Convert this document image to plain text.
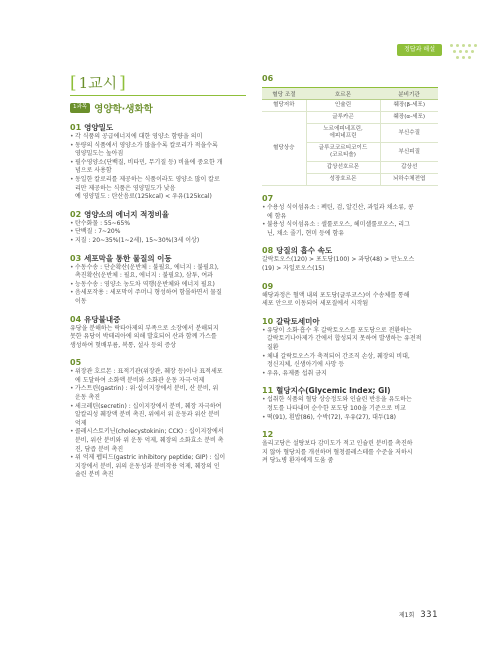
정답과 해설
[ 1교시 ]
1과목 영양학·생화학
01 영양밀도
• 각 식품의 공급에너지에 대한 영양소 함량을 의미
• 동량의 식품에서 영양소가 많을수록 칼로리가 적을수록
영양밀도는 높아짐
• 필수영양소(단백질, 비타민, 무기질 등) 비율에 중요한 개
념으로 사용함
• 동일한 칼로리를 제공하는 식품이라도 영양소 많이 칼로
리만 제공하는 식품은 영양밀도가 낮음
예 영양밀도 : 탄산음료(125kcal) < 우유(125kcal)
02 영양소의 에너지 적정비율
• 탄수화물 : 55~65%
• 단백질 : 7~20%
• 지질 : 20~35%(1~2세), 15~30%(3세 이상)
03 세포막을 통한 물질의 이동
• 수동수송 : 단순확산(운반체 : 불필요, 에너지 : 불필요),
촉진확산(운반체 : 필요, 에너지 : 불필요), 삼투, 여과
• 능동수송 : 영양소 농도차 역행(운반체와 에너지 필요)
• 음세포작용 : 세포막이 주머니 형성하여 함몰하면서 물질
이동
04 유당불내증
유당을 분해하는 락타아제의 부족으로 소장에서 분해되지
못한 유당이 박테리아에 의해 발효되어 산과 함께 가스를
생성하여 헛배부름, 복통, 설사 등의 증상
05
• 위장관 호르몬 : 표적기관(위장관, 췌장 등)이나 표적세포
에 도달하여 소화액 분비와 소화관 운동 자극·억제
• 가스트린(gastrin) : 위·십이지장에서 분비, 산 분비, 위
운동 촉진
• 세크레틴(secretin) : 십이지장에서 분비, 췌장 자극하여
알칼리성 췌장액 분비 촉진, 위에서 위 운동과 위산 분비
억제
• 콜레시스토키닌(cholecystokinin; CCK) : 십이지장에서
분비, 위산 분비와 위 운동 억제, 췌장의 소화효소 분비 촉
진, 담즙 분비 촉진
• 위 억제 펩티드(gastric inhibitory peptide; GIP) : 십이
지장에서 분비, 위의 운동성과 분비작용 억제, 췌장의 인
슐린 분비 촉진
06
혈당 조절	호르몬	분비기관
혈당저하	인슐린	췌장(β-세포)
혈당상승	글루카곤	췌장(α-세포)
	노르에피네프린,
에피네프린	부신수질
	글루코코르티코이드
(코르티솔)	부신피질
	갑상선호르몬	갑상선
	성장호르몬	뇌하수체전엽
07
• 수용성 식이섬유소 : 펙틴, 검, 알긴산, 과일과 채소류, 콩
에 함유
• 불용성 식이섬유소 : 셀룰로오스, 헤미셀룰로오스, 리그
닌, 채소 줄기, 현미 등에 함유
08 당질의 흡수 속도
갈락토오스(120) > 포도당(100) > 과당(48) > 만노오스
(19) > 자일로오스(15)
09
해당과정은 혈액 내의 포도당(글루코스)이 수송체를 통해
세포 안으로 이동되어 세포질에서 시작됨
10 갈락토세미아
• 유당이 소화·흡수 후 갈락토오스를 포도당으로 전환하는
갈락토키나아제가 간에서 합성되지 못하여 발생하는 유전적
질환
• 체내 갈락토오스가 축적되어 간조직 손상, 췌장의 비대,
정신지체, 신생아기에 사망 등
• 우유, 유제품 섭취 금지
11 혈당지수(Glycemic Index; GI)
• 섭취한 식품의 혈당 상승정도와 인슐린 반응을 유도하는
정도를 나타내며 순수한 포도당 100을 기준으로 비교
• 떡(91), 흰밥(86), 수박(72), 우유(27), 대두(18)
12
올리고당은 설탕보다 감미도가 적고 인슐린 분비를 촉진하
지 않아 혈당치를 개선하며 혈청콜레스테롤 수준을 저하시
켜 당뇨병 환자에게 도움 줌
제1회 331
